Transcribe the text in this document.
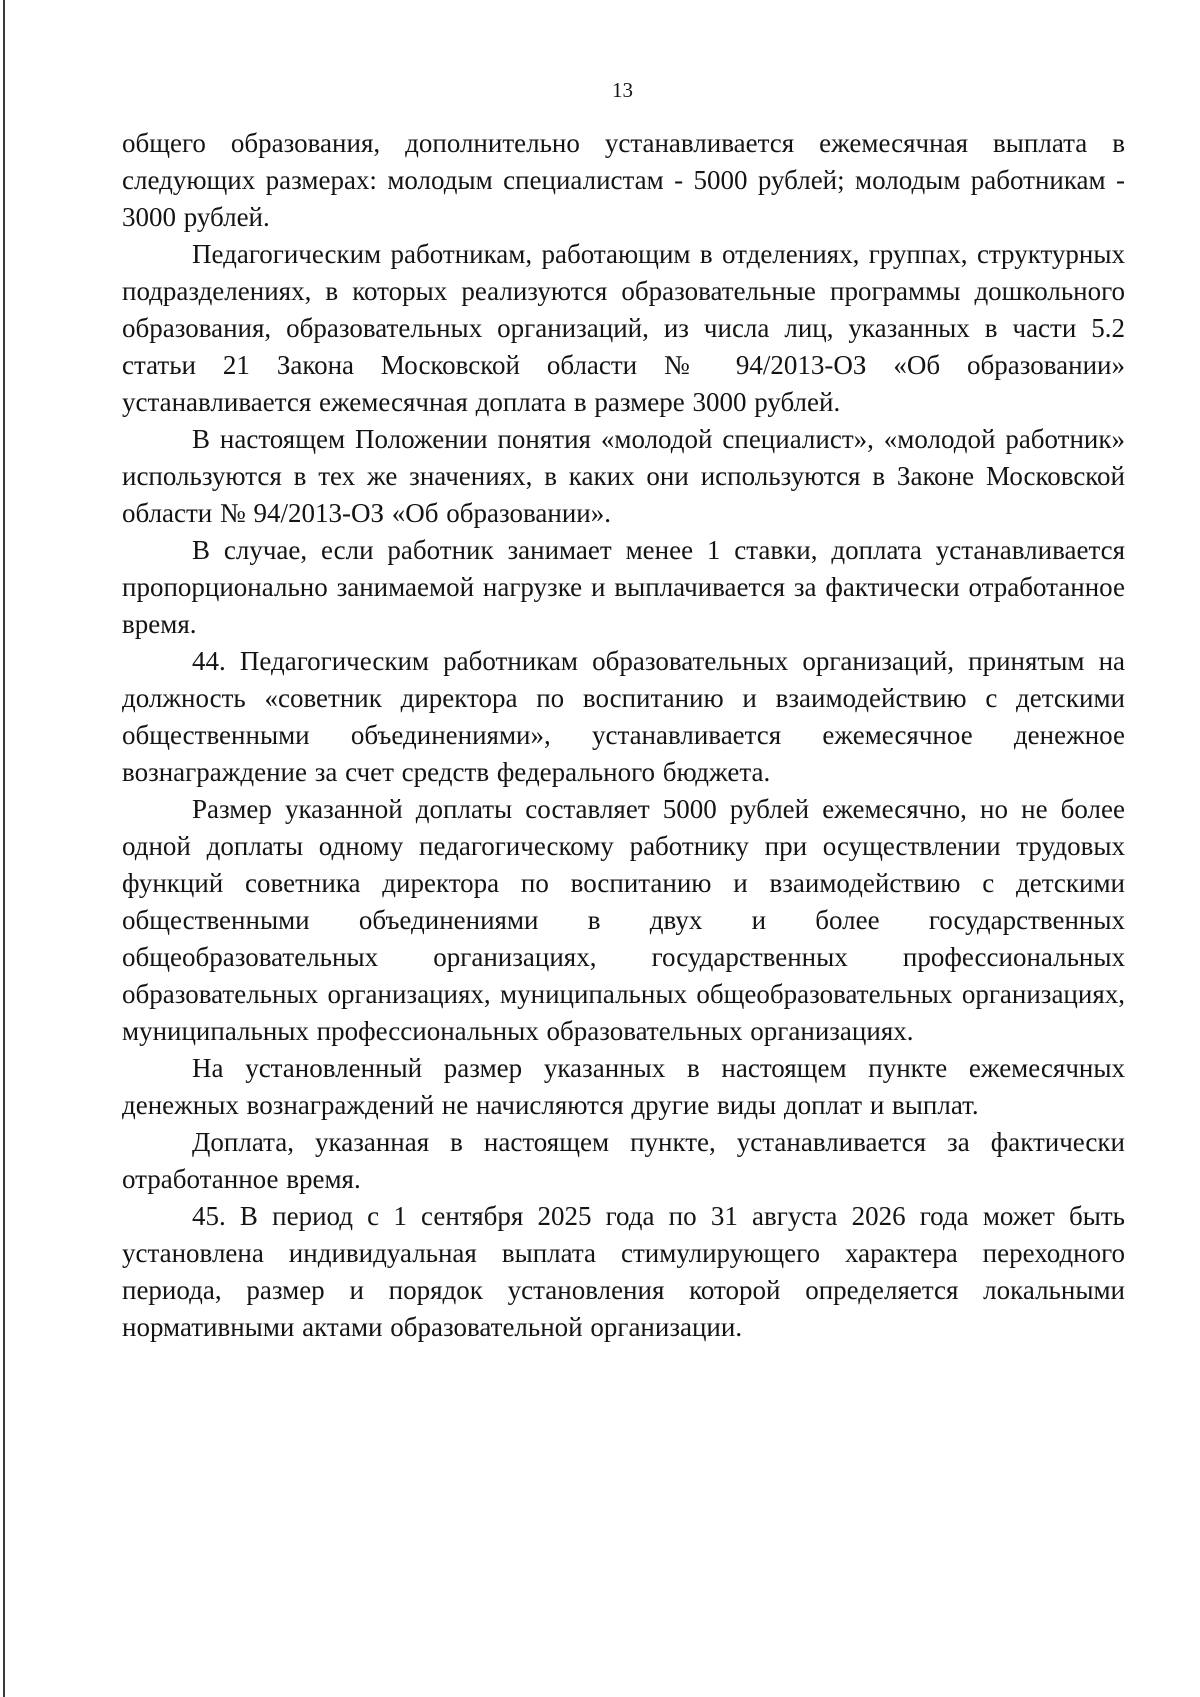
13

общего образования, дополнительно устанавливается ежемесячная выплата в следующих размерах: молодым специалистам - 5000 рублей; молодым работникам - 3000 рублей.

Педагогическим работникам, работающим в отделениях, группах, структурных подразделениях, в которых реализуются образовательные программы дошкольного образования, образовательных организаций, из числа лиц, указанных в части 5.2 статьи 21 Закона Московской области № 94/2013-ОЗ «Об образовании» устанавливается ежемесячная доплата в размере 3000 рублей.

В настоящем Положении понятия «молодой специалист», «молодой работник» используются в тех же значениях, в каких они используются в Законе Московской области № 94/2013-ОЗ «Об образовании».

В случае, если работник занимает менее 1 ставки, доплата устанавливается пропорционально занимаемой нагрузке и выплачивается за фактически отработанное время.

44. Педагогическим работникам образовательных организаций, принятым на должность «советник директора по воспитанию и взаимодействию с детскими общественными объединениями», устанавливается ежемесячное денежное вознаграждение за счет средств федерального бюджета.

Размер указанной доплаты составляет 5000 рублей ежемесячно, но не более одной доплаты одному педагогическому работнику при осуществлении трудовых функций советника директора по воспитанию и взаимодействию с детскими общественными объединениями в двух и более государственных общеобразовательных организациях, государственных профессиональных образовательных организациях, муниципальных общеобразовательных организациях, муниципальных профессиональных образовательных организациях.

На установленный размер указанных в настоящем пункте ежемесячных денежных вознаграждений не начисляются другие виды доплат и выплат.

Доплата, указанная в настоящем пункте, устанавливается за фактически отработанное время.

45. В период с 1 сентября 2025 года по 31 августа 2026 года может быть установлена индивидуальная выплата стимулирующего характера переходного периода, размер и порядок установления которой определяется локальными нормативными актами образовательной организации.
